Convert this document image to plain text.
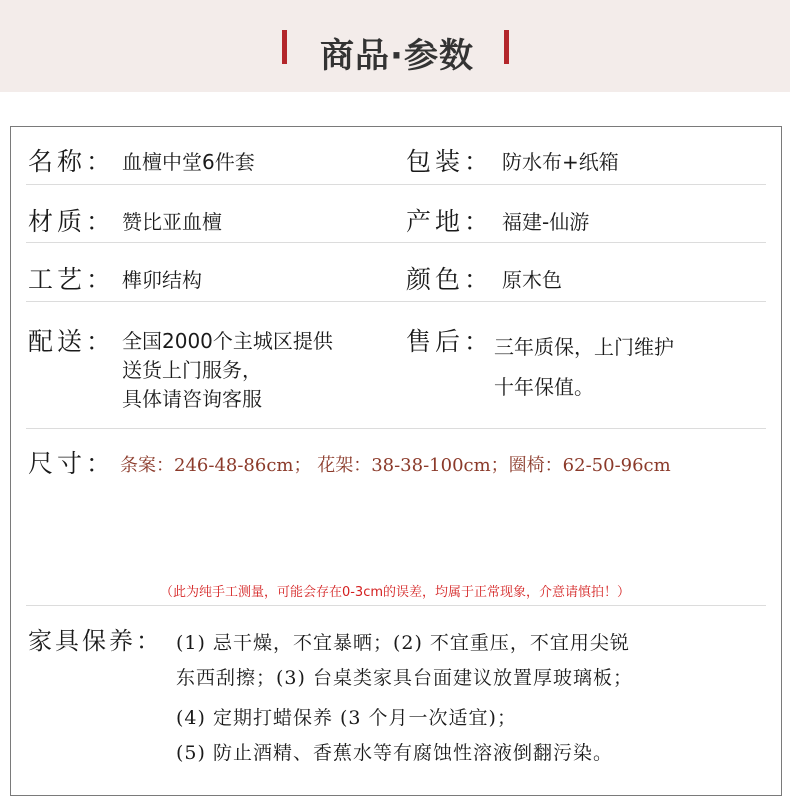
商品·参数
名称： 血檀中堂6件套	包装： 防水布+纸箱
材质： 赞比亚血檀	产地： 福建-仙游
工艺： 榫卯结构	颜色： 原木色
配送： 全国2000个主城区提供
送货上门服务，
具体请咨询客服
售后： 三年质保，上门维护
十年保值。
尺寸： 条案：246-48-86cm； 花架：38-38-100cm；圈椅：62-50-96cm
（此为纯手工测量，可能会存在0-3cm的误差，均属于正常现象，介意请慎拍！）
家具保养： (1) 忌干燥，不宜暴晒；(2) 不宜重压，不宜用尖锐
东西刮擦；(3) 台桌类家具台面建议放置厚玻璃板；
(4) 定期打蜡保养 (3 个月一次适宜)；
(5) 防止酒精、香蕉水等有腐蚀性溶液倒翻污染。
